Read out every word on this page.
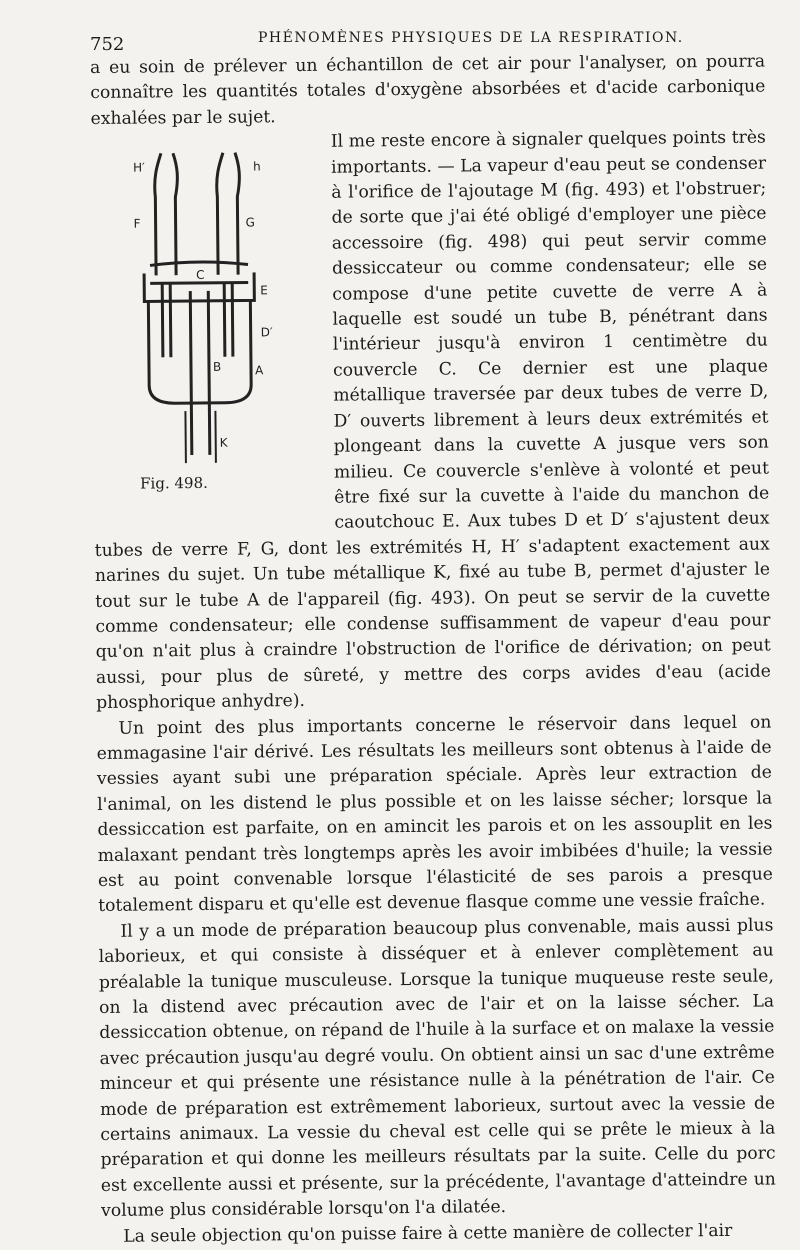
752	PHÉNOMÈNES PHYSIQUES DE LA RESPIRATION.

a eu soin de prélever un échantillon de cet air pour l'analyser, on pourra connaître les quantités totales d'oxygène absorbées et d'acide carbonique exhalées par le sujet.

H′	h
F	G
C
E
D′
B	A
K
Fig. 498.

Il me reste encore à signaler quelques points très importants. — La vapeur d'eau peut se condenser à l'orifice de l'ajoutage M (fig. 493) et l'obstruer; de sorte que j'ai été obligé d'employer une pièce accessoire (fig. 498) qui peut servir comme dessiccateur ou comme condensateur; elle se compose d'une petite cuvette de verre A à laquelle est soudé un tube B, pénétrant dans l'intérieur jusqu'à environ 1 centimètre du couvercle C. Ce dernier est une plaque métallique traversée par deux tubes de verre D, D′ ouverts librement à leurs deux extrémités et plongeant dans la cuvette A jusque vers son milieu. Ce couvercle s'enlève à volonté et peut être fixé sur la cuvette à l'aide du manchon de caoutchouc E. Aux tubes D et D′ s'ajustent deux tubes de verre F, G, dont les extrémités H, H′ s'adaptent exactement aux narines du sujet. Un tube métallique K, fixé au tube B, permet d'ajuster le tout sur le tube A de l'appareil (fig. 493). On peut se servir de la cuvette comme condensateur; elle condense suffisamment de vapeur d'eau pour qu'on n'ait plus à craindre l'obstruction de l'orifice de dérivation; on peut aussi, pour plus de sûreté, y mettre des corps avides d'eau (acide phosphorique anhydre).

Un point des plus importants concerne le réservoir dans lequel on emmagasine l'air dérivé. Les résultats les meilleurs sont obtenus à l'aide de vessies ayant subi une préparation spéciale. Après leur extraction de l'animal, on les distend le plus possible et on les laisse sécher; lorsque la dessiccation est parfaite, on en amincit les parois et on les assouplit en les malaxant pendant très longtemps après les avoir imbibées d'huile; la vessie est au point convenable lorsque l'élasticité de ses parois a presque totalement disparu et qu'elle est devenue flasque comme une vessie fraîche.

Il y a un mode de préparation beaucoup plus convenable, mais aussi plus laborieux, et qui consiste à disséquer et à enlever complètement au préalable la tunique musculeuse. Lorsque la tunique muqueuse reste seule, on la distend avec précaution avec de l'air et on la laisse sécher. La dessiccation obtenue, on répand de l'huile à la surface et on malaxe la vessie avec précaution jusqu'au degré voulu. On obtient ainsi un sac d'une extrême minceur et qui présente une résistance nulle à la pénétration de l'air. Ce mode de préparation est extrêmement laborieux, surtout avec la vessie de certains animaux. La vessie du cheval est celle qui se prête le mieux à la préparation et qui donne les meilleurs résultats par la suite. Celle du porc est excellente aussi et présente, sur la précédente, l'avantage d'atteindre un volume plus considérable lorsqu'on l'a dilatée.

La seule objection qu'on puisse faire à cette manière de collecter l'air
